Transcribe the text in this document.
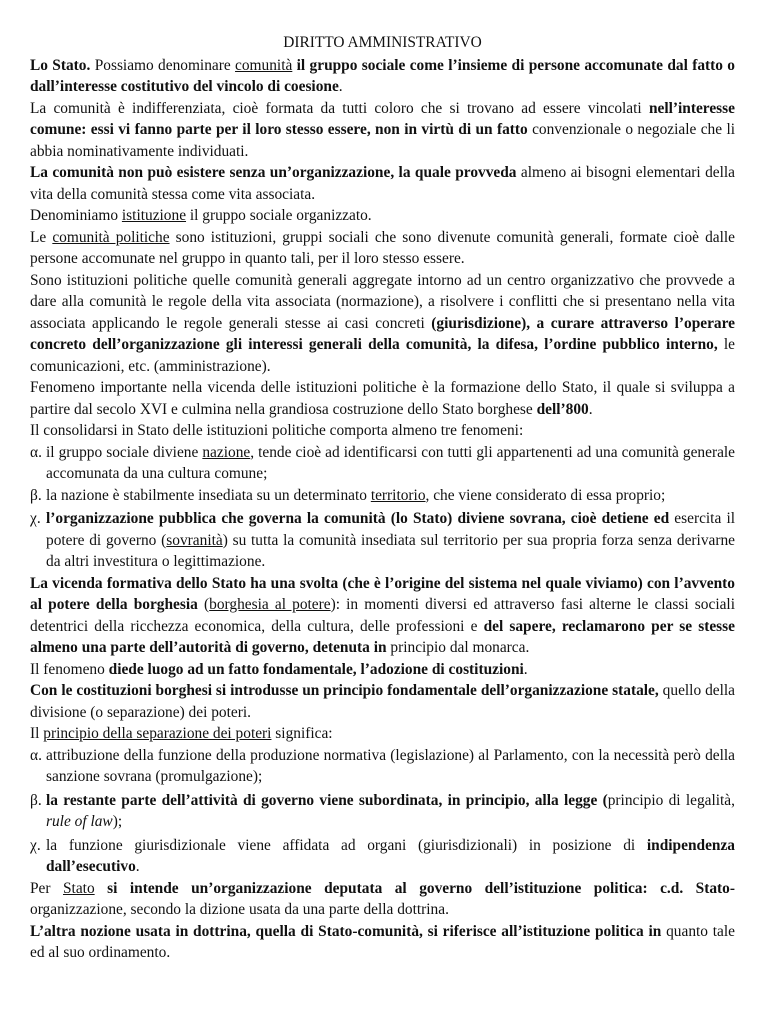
DIRITTO AMMINISTRATIVO

Lo Stato. Possiamo denominare comunità il gruppo sociale come l’insieme di persone accomunate dal fatto o dall’interesse costitutivo del vincolo di coesione.

La comunità è indifferenziata, cioè formata da tutti coloro che si trovano ad essere vincolati nell’interesse comune: essi vi fanno parte per il loro stesso essere, non in virtù di un fatto convenzionale o negoziale che li abbia nominativamente individuati.

La comunità non può esistere senza un’organizzazione, la quale provveda almeno ai bisogni elementari della vita della comunità stessa come vita associata.

Denominiamo istituzione il gruppo sociale organizzato.

Le comunità politiche sono istituzioni, gruppi sociali che sono divenute comunità generali, formate cioè dalle persone accomunate nel gruppo in quanto tali, per il loro stesso essere.

Sono istituzioni politiche quelle comunità generali aggregate intorno ad un centro organizzativo che provvede a dare alla comunità le regole della vita associata (normazione), a risolvere i conflitti che si presentano nella vita associata applicando le regole generali stesse ai casi concreti (giurisdizione), a curare attraverso l’operare concreto dell’organizzazione gli interessi generali della comunità, la difesa, l’ordine pubblico interno, le comunicazioni, etc. (amministrazione).

Fenomeno importante nella vicenda delle istituzioni politiche è la formazione dello Stato, il quale si sviluppa a partire dal secolo XVI e culmina nella grandiosa costruzione dello Stato borghese dell’800.

Il consolidarsi in Stato delle istituzioni politiche comporta almeno tre fenomeni:

α. il gruppo sociale diviene nazione, tende cioè ad identificarsi con tutti gli appartenenti ad una comunità generale accomunata da una cultura comune;
β. la nazione è stabilmente insediata su un determinato territorio, che viene considerato di essa proprio;
χ. l’organizzazione pubblica che governa la comunità (lo Stato) diviene sovrana, cioè detiene ed esercita il potere di governo (sovranità) su tutta la comunità insediata sul territorio per sua propria forza senza derivarne da altri investitura o legittimazione.

La vicenda formativa dello Stato ha una svolta (che è l’origine del sistema nel quale viviamo) con l’avvento al potere della borghesia (borghesia al potere): in momenti diversi ed attraverso fasi alterne le classi sociali detentrici della ricchezza economica, della cultura, delle professioni e del sapere, reclamarono per se stesse almeno una parte dell’autorità di governo, detenuta in principio dal monarca.

Il fenomeno diede luogo ad un fatto fondamentale, l’adozione di costituzioni.

Con le costituzioni borghesi si introdusse un principio fondamentale dell’organizzazione statale, quello della divisione (o separazione) dei poteri.

Il principio della separazione dei poteri significa:

α. attribuzione della funzione della produzione normativa (legislazione) al Parlamento, con la necessità però della sanzione sovrana (promulgazione);
β. la restante parte dell’attività di governo viene subordinata, in principio, alla legge (principio di legalità, rule of law);
χ. la funzione giurisdizionale viene affidata ad organi (giurisdizionali) in posizione di indipendenza dall’esecutivo.

Per Stato si intende un’organizzazione deputata al governo dell’istituzione politica: c.d. Stato-organizzazione, secondo la dizione usata da una parte della dottrina.

L’altra nozione usata in dottrina, quella di Stato-comunità, si riferisce all’istituzione politica in quanto tale ed al suo ordinamento.
